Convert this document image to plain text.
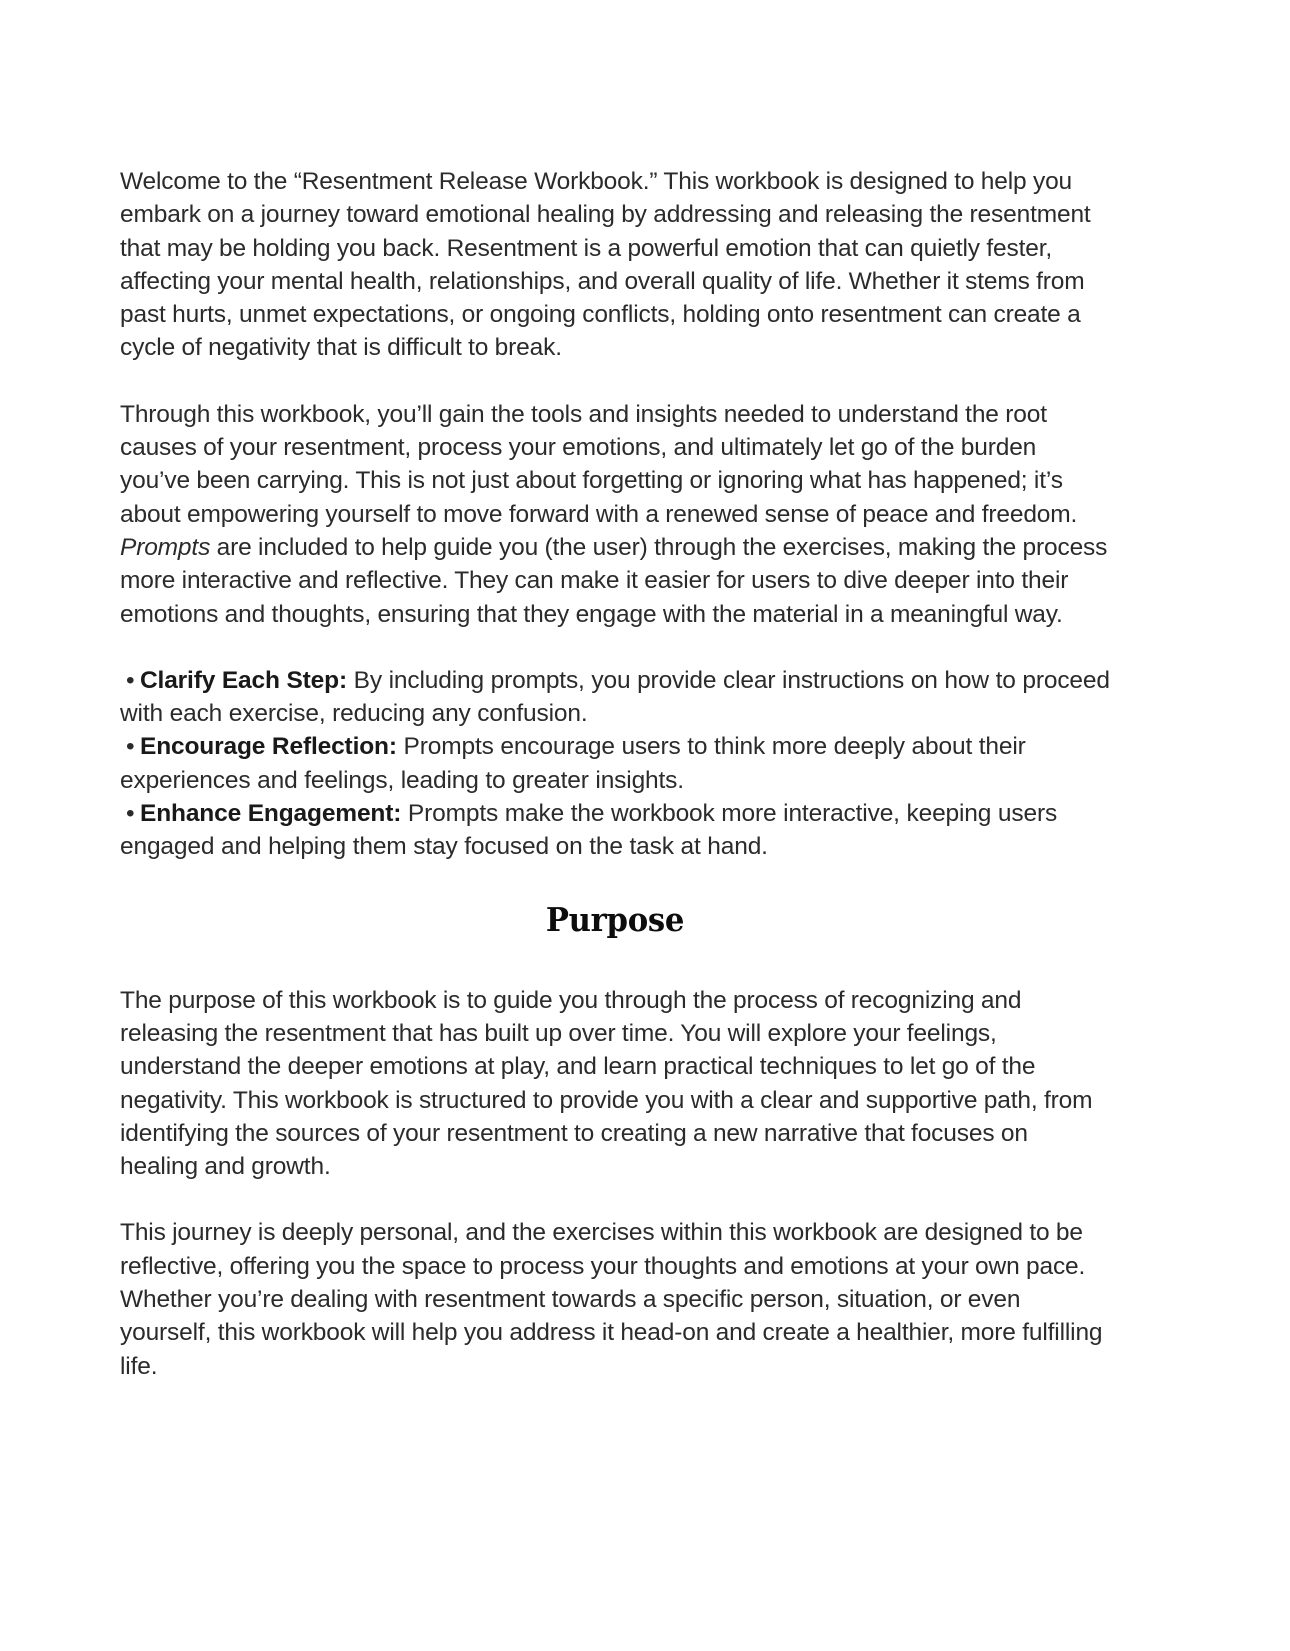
Welcome to the “Resentment Release Workbook.” This workbook is designed to help you embark on a journey toward emotional healing by addressing and releasing the resentment that may be holding you back. Resentment is a powerful emotion that can quietly fester, affecting your mental health, relationships, and overall quality of life. Whether it stems from past hurts, unmet expectations, or ongoing conflicts, holding onto resentment can create a cycle of negativity that is difficult to break.

Through this workbook, you’ll gain the tools and insights needed to understand the root causes of your resentment, process your emotions, and ultimately let go of the burden you’ve been carrying. This is not just about forgetting or ignoring what has happened; it’s about empowering yourself to move forward with a renewed sense of peace and freedom. Prompts are included to help guide you (the user) through the exercises, making the process more interactive and reflective. They can make it easier for users to dive deeper into their emotions and thoughts, ensuring that they engage with the material in a meaningful way.

• Clarify Each Step: By including prompts, you provide clear instructions on how to proceed with each exercise, reducing any confusion.
• Encourage Reflection: Prompts encourage users to think more deeply about their experiences and feelings, leading to greater insights.
• Enhance Engagement: Prompts make the workbook more interactive, keeping users engaged and helping them stay focused on the task at hand.
Purpose

The purpose of this workbook is to guide you through the process of recognizing and releasing the resentment that has built up over time. You will explore your feelings, understand the deeper emotions at play, and learn practical techniques to let go of the negativity. This workbook is structured to provide you with a clear and supportive path, from identifying the sources of your resentment to creating a new narrative that focuses on healing and growth.

This journey is deeply personal, and the exercises within this workbook are designed to be reflective, offering you the space to process your thoughts and emotions at your own pace. Whether you’re dealing with resentment towards a specific person, situation, or even yourself, this workbook will help you address it head-on and create a healthier, more fulfilling life.
